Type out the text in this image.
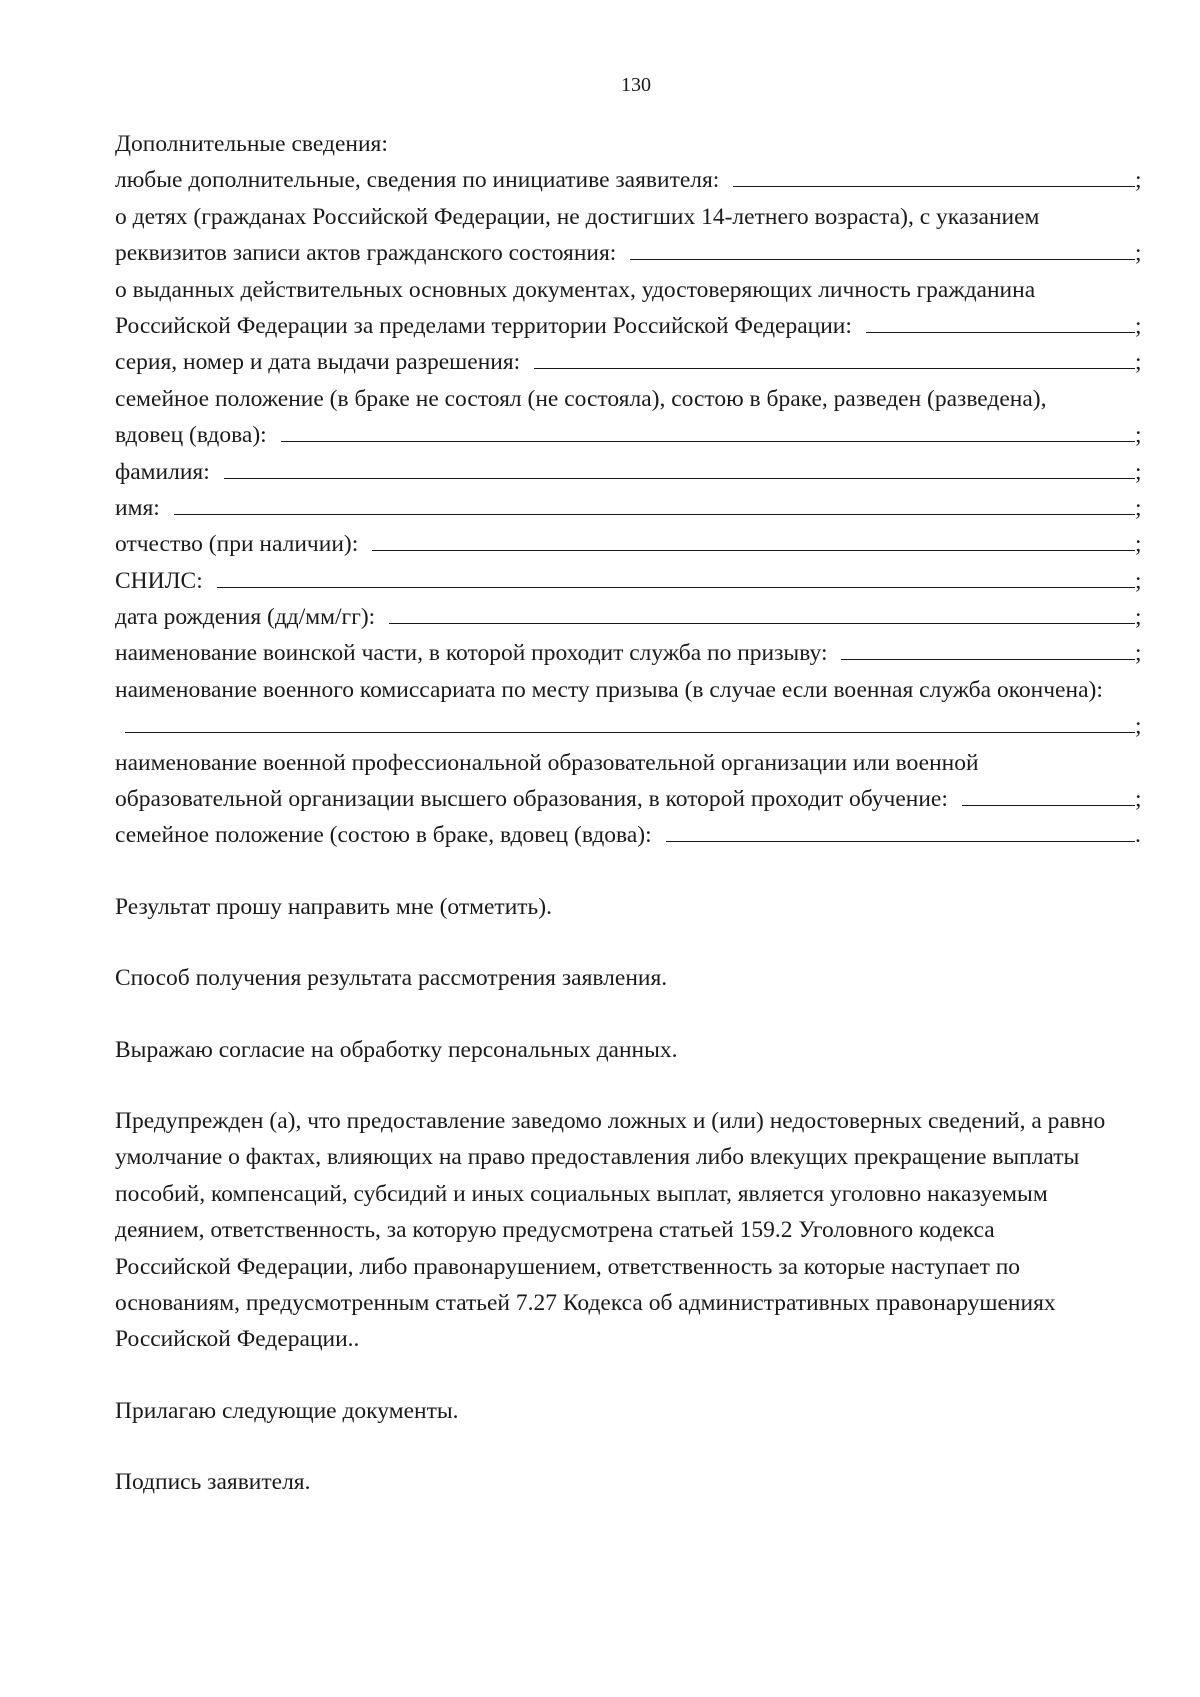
130
Дополнительные сведения:
любые дополнительные, сведения по инициативе заявителя:	;
о детях (гражданах Российской Федерации, не достигших 14-летнего возраста), с указанием
реквизитов записи актов гражданского состояния:	;
о выданных действительных основных документах, удостоверяющих личность гражданина
Российской Федерации за пределами территории Российской Федерации:	;
серия, номер и дата выдачи разрешения:	;
семейное положение (в браке не состоял (не состояла), состою в браке, разведен (разведена),
вдовец (вдова):	;
фамилия:	;
имя:	;
отчество (при наличии):	;
СНИЛС:	;
дата рождения (дд/мм/гг):	;
наименование воинской части, в которой проходит служба по призыву:	;
наименование военного комиссариата по месту призыва (в случае если военная служба окончена):
;
наименование военной профессиональной образовательной организации или военной
образовательной организации высшего образования, в которой проходит обучение:	;
семейное положение (состою в браке, вдовец (вдова):	.
Результат прошу направить мне (отметить).
Способ получения результата рассмотрения заявления.
Выражаю согласие на обработку персональных данных.
Предупрежден (а), что предоставление заведомо ложных и (или) недостоверных сведений, а равно
умолчание о фактах, влияющих на право предоставления либо влекущих прекращение выплаты
пособий, компенсаций, субсидий и иных социальных выплат, является уголовно наказуемым
деянием, ответственность, за которую предусмотрена статьей 159.2 Уголовного кодекса
Российской Федерации, либо правонарушением, ответственность за которые наступает по
основаниям, предусмотренным статьей 7.27 Кодекса об административных правонарушениях
Российской Федерации..
Прилагаю следующие документы.
Подпись заявителя.
